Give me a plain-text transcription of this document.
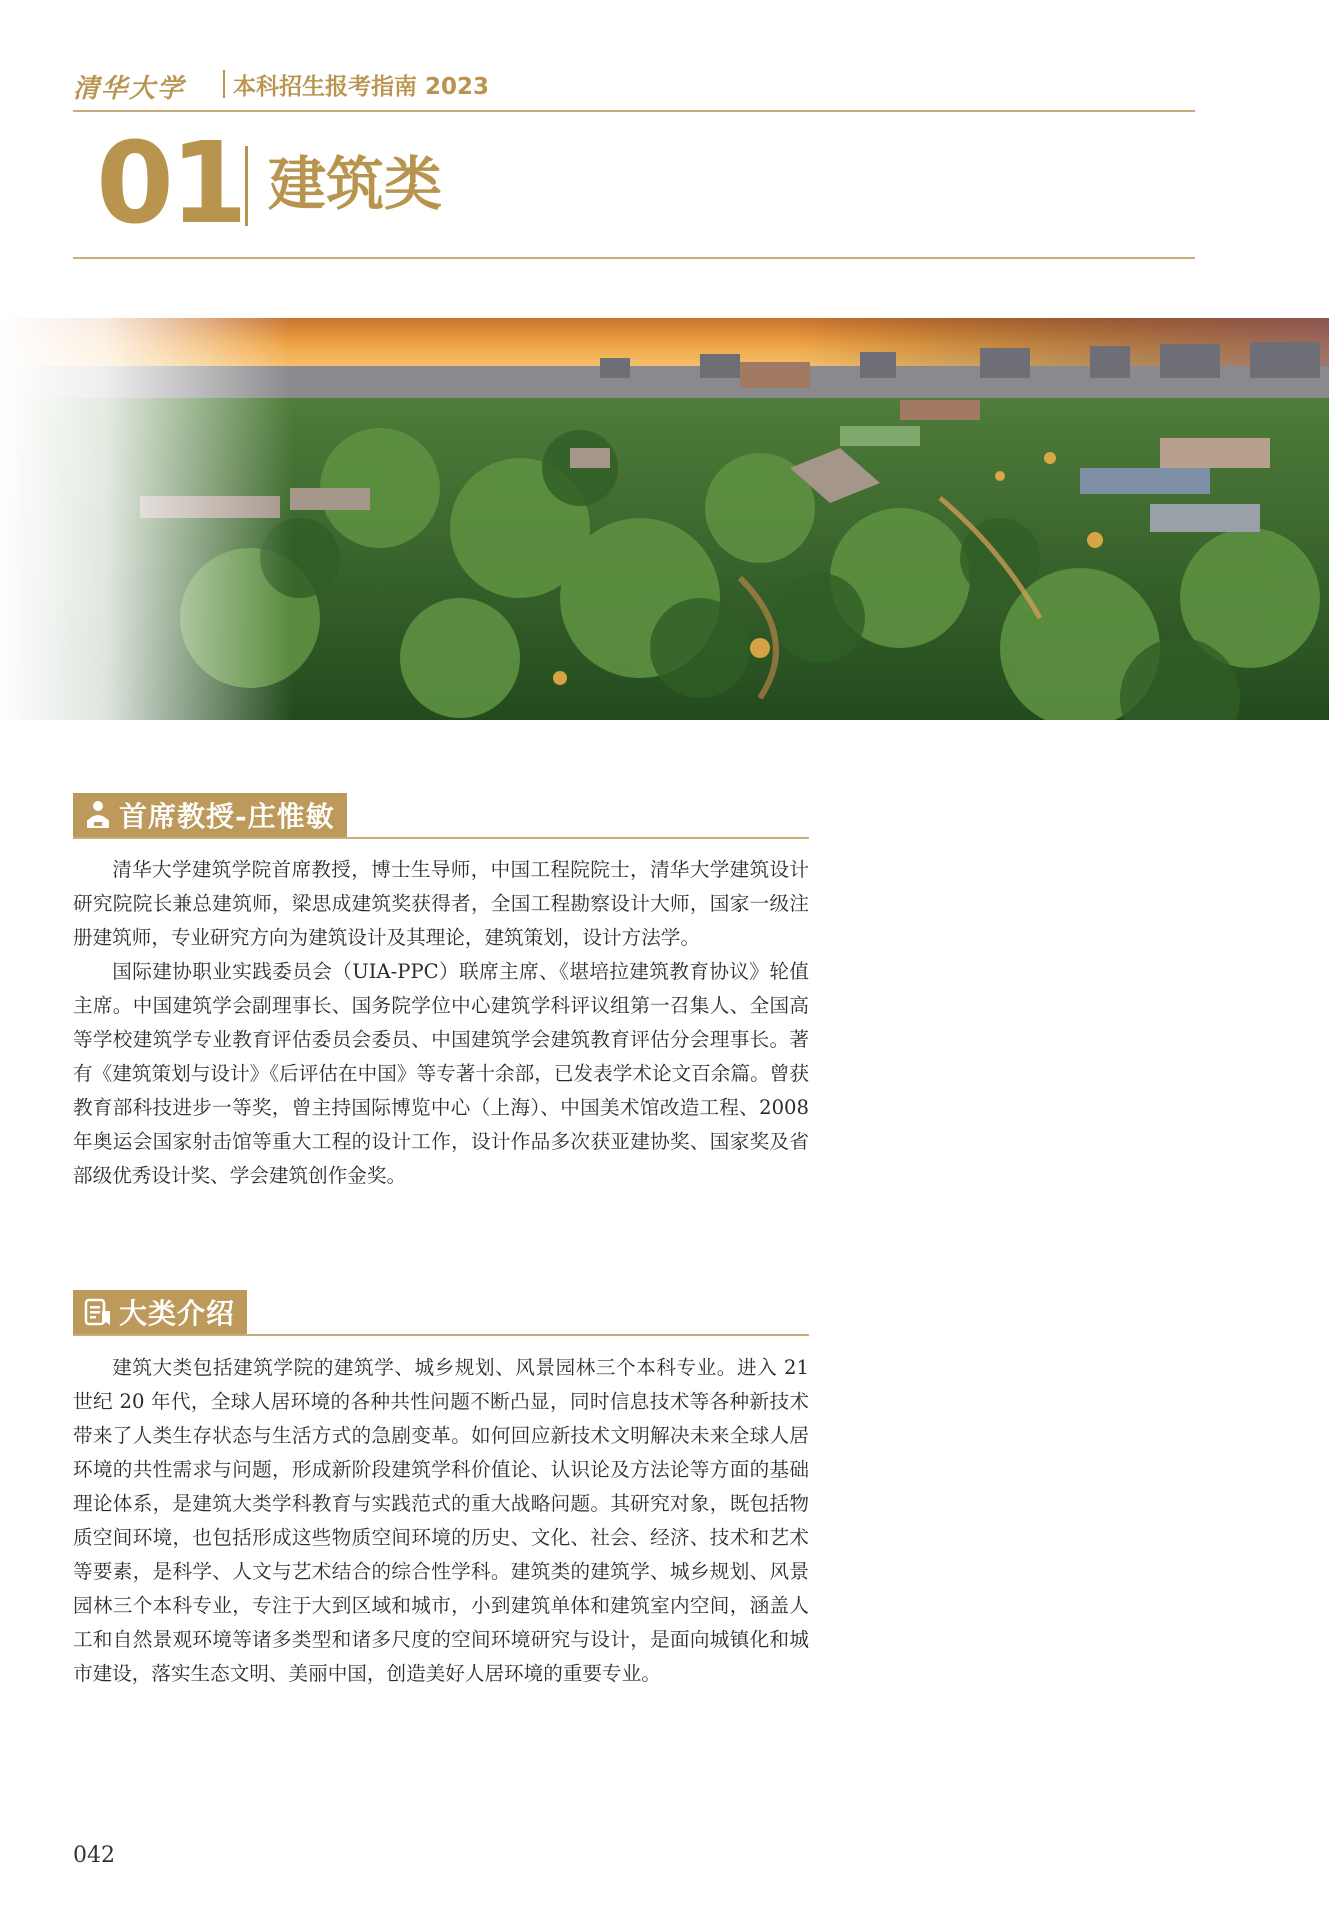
清华大学 本科招生报考指南 2023
01 建筑类
首席教授-庄惟敏

清华大学建筑学院首席教授，博士生导师，中国工程院院士，清华大学建筑设计研究院院长兼总建筑师，梁思成建筑奖获得者，全国工程勘察设计大师，国家一级注册建筑师，专业研究方向为建筑设计及其理论，建筑策划，设计方法学。

国际建协职业实践委员会（UIA-PPC）联席主席、《堪培拉建筑教育协议》轮值主席。中国建筑学会副理事长、国务院学位中心建筑学科评议组第一召集人、全国高等学校建筑学专业教育评估委员会委员、中国建筑学会建筑教育评估分会理事长。著有《建筑策划与设计》《后评估在中国》等专著十余部，已发表学术论文百余篇。曾获教育部科技进步一等奖，曾主持国际博览中心（上海）、中国美术馆改造工程、2008 年奥运会国家射击馆等重大工程的设计工作，设计作品多次获亚建协奖、国家奖及省部级优秀设计奖、学会建筑创作金奖。

大类介绍

建筑大类包括建筑学院的建筑学、城乡规划、风景园林三个本科专业。进入 21 世纪 20 年代，全球人居环境的各种共性问题不断凸显，同时信息技术等各种新技术带来了人类生存状态与生活方式的急剧变革。如何回应新技术文明解决未来全球人居环境的共性需求与问题，形成新阶段建筑学科价值论、认识论及方法论等方面的基础理论体系，是建筑大类学科教育与实践范式的重大战略问题。其研究对象，既包括物质空间环境，也包括形成这些物质空间环境的历史、文化、社会、经济、技术和艺术等要素，是科学、人文与艺术结合的综合性学科。建筑类的建筑学、城乡规划、风景园林三个本科专业，专注于大到区域和城市，小到建筑单体和建筑室内空间，涵盖人工和自然景观环境等诸多类型和诸多尺度的空间环境研究与设计，是面向城镇化和城市建设，落实生态文明、美丽中国，创造美好人居环境的重要专业。

042
